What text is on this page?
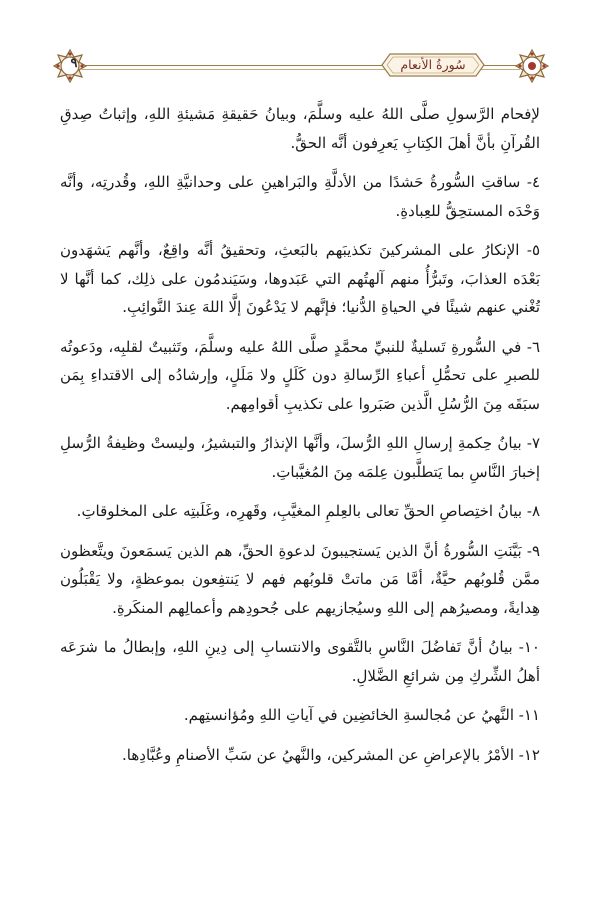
٩	سُورةُ الأنعام

لإفحام الرَّسولِ صلَّى اللهُ عليه وسلَّمَ، وبيانُ حَقيقةِ مَشيئةِ اللهِ، وإثباتُ صِدقِ القُرآنِ بأنَّ أهلَ الكِتابِ يَعرِفون أنَّه الحقُّ.

٤- ساقتِ السُّورةُ حَشدًا من الأدلَّةِ والبَراهينِ على وحدانيَّةِ اللهِ، وقُدرتِه، وأنَّه وَحْدَه المستحِقُّ للعِبادةِ.

٥- الإنكارُ على المشركينَ تكذيبَهم بالبَعثِ، وتحقيقُ أنَّه واقِعٌ، وأنَّهم يَشهَدون بَعْدَه العذابَ، وتَبرُّأُ منهم آلهتُهم التي عَبَدوها، وسَيَندمُون على ذلِك، كما أنَّها لا تُغْني عنهم شيئًا في الحياةِ الدُّنيا؛ فإنَّهم لا يَدْعُونَ إلَّا اللهَ عِندَ النَّوائِبِ.

٦- في السُّورةِ تَسليةٌ للنبيِّ محمَّدٍ صلَّى اللهُ عليه وسلَّمَ، وتَثبيتٌ لقلبِه، ودَعوتُه للصبرِ على تحمُّلِ أعباءِ الرِّسالةِ دون كَلَلٍ ولا مَلَلٍ، وإرشادُه إلى الاقتداءِ بِمَن سبَقَه مِنَ الرُّسُلِ الَّذين صَبَروا على تكذيبِ أقوامِهم.

٧- بيانُ حِكمةِ إرسالِ اللهِ الرُّسلَ، وأنَّها الإنذارُ والتبشيرُ، وليستْ وظيفةُ الرُّسلِ إخبارَ النَّاسِ بما يَتطلَّبون عِلمَه مِنَ المُغيَّباتِ.

٨- بيانُ اختِصاصِ الحقِّ تعالى بالعِلمِ المغيَّبِ، وقَهرِه، وغَلَبتِه على المخلوقاتِ.

٩- بَيَّنَتِ السُّورةُ أنَّ الذين يَستجيبونَ لدعوةِ الحقِّ، هم الذين يَسمَعونَ ويتَّعظون ممَّن قُلوبُهم حيَّةٌ، أمَّا مَن ماتتْ قلوبُهم فهم لا يَنتفِعون بموعظةٍ، ولا يَقْبَلُون هِدايةً، ومصيرُهم إلى اللهِ وسيُجازيهم على جُحودِهم وأعمالِهم المنكَرةِ.

١٠- بيانُ أنَّ تَفاضُلَ النَّاسِ بالتَّقوى والانتسابِ إلى دِينِ اللهِ، وإبطالُ ما شرَعَه أهلُ الشِّركِ مِن شرائعِ الضَّلالِ.

١١- النَّهيُ عن مُجالسةِ الخائضِين في آياتِ اللهِ ومُؤانستِهم.

١٢- الأمْرُ بالإعراضِ عن المشركين، والنَّهيُ عن سَبِّ الأصنامِ وعُبَّادِها.
